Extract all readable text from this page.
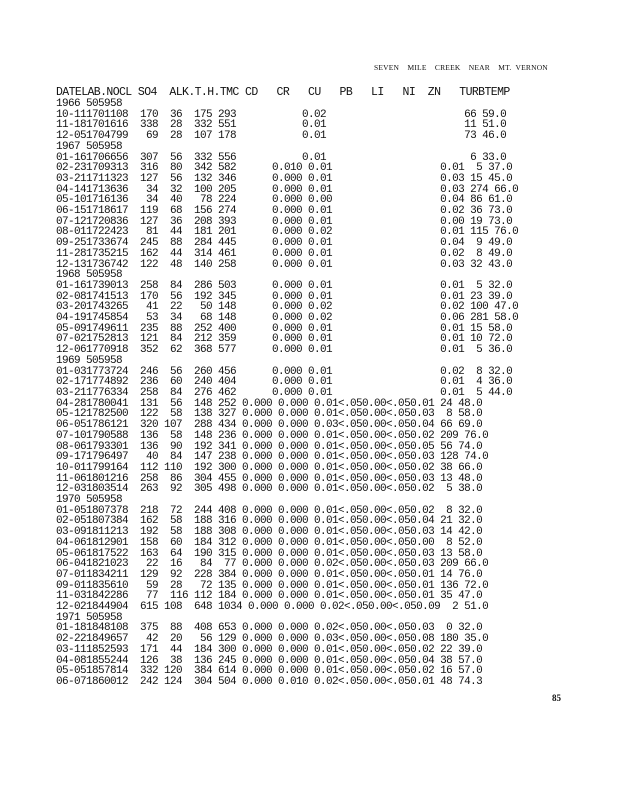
SEVEN    MILE    CREEK    NEAR    MT.  VERNON
DATELAB.NOCL SO4  ALK.T.H.TMC CD   CR   CU   PB   LI   NI  ZN   TURBTEMP
1966 505958
10-111701108  170  36  175 293           0.02                       66 59.0
11-181701616  338  28  332 551           0.01                       11 51.0
12-051704799   69  28  107 178           0.01                       73 46.0
1967 505958
01-161706656  307  56  332 556           0.01                        6 33.0
02-231709313  316  80  342 582      0.010 0.01                  0.01  5 37.0
03-211711323  127  56  132 346      0.000 0.01                  0.03 15 45.0
04-141713636   34  32  100 205      0.000 0.01                  0.03 274 66.0
05-101716136   34  40   78 224      0.000 0.00                  0.04 86 61.0
06-151718617  119  68  156 274      0.000 0.01                  0.02 36 73.0
07-121720836  127  36  208 393      0.000 0.01                  0.00 19 73.0
08-011722423   81  44  181 201      0.000 0.02                  0.01 115 76.0
09-251733674  245  88  284 445      0.000 0.01                  0.04  9 49.0
11-281735215  162  44  314 461      0.000 0.01                  0.02  8 49.0
12-131736742  122  48  140 258      0.000 0.01                  0.03 32 43.0
1968 505958
01-161739013  258  84  286 503      0.000 0.01                  0.01  5 32.0
02-081741513  170  56  192 345      0.000 0.01                  0.01 23 39.0
03-201743265   41  22   50 148      0.000 0.02                  0.02 100 47.0
04-191745854   53  34   68 148      0.000 0.02                  0.06 281 58.0
05-091749611  235  88  252 400      0.000 0.01                  0.01 15 58.0
07-021752813  121  84  212 359      0.000 0.01                  0.01 10 72.0
12-061770918  352  62  368 577      0.000 0.01                  0.01  5 36.0
1969 505958
01-031773724  246  56  260 456      0.000 0.01                  0.02  8 32.0
02-171774892  236  60  240 404      0.000 0.01                  0.01  4 36.0
03-211776334  258  84  276 462      0.000 0.01                  0.01  5 44.0
04-281780041  131  56  148 252 0.000 0.000 0.01<.050.00<.050.01 24 48.0
05-121782500  122  58  138 327 0.000 0.000 0.01<.050.00<.050.03  8 58.0
06-051786121  320 107  288 434 0.000 0.000 0.03<.050.00<.050.04 66 69.0
07-101790588  136  58  148 236 0.000 0.000 0.01<.050.00<.050.02 209 76.0
08-061793301  136  90  192 341 0.000 0.000 0.01<.050.00<.050.05 56 74.0
09-171796497   40  84  147 238 0.000 0.000 0.01<.050.00<.050.03 128 74.0
10-011799164  112 110  192 300 0.000 0.000 0.01<.050.00<.050.02 38 66.0
11-061801216  258  86  304 455 0.000 0.000 0.01<.050.00<.050.03 13 48.0
12-031803514  263  92  305 498 0.000 0.000 0.01<.050.00<.050.02  5 38.0
1970 505958
01-051807378  218  72  244 408 0.000 0.000 0.01<.050.00<.050.02  8 32.0
02-051807384  162  58  188 316 0.000 0.000 0.01<.050.00<.050.04 21 32.0
03-091811213  192  58  188 308 0.000 0.000 0.01<.050.00<.050.03 14 42.0
04-061812901  158  60  184 312 0.000 0.000 0.01<.050.00<.050.00  8 52.0
05-061817522  163  64  190 315 0.000 0.000 0.01<.050.00<.050.03 13 58.0
06-041821023   22  16   84  77 0.000 0.000 0.02<.050.00<.050.03 209 66.0
07-011834211  129  92  228 384 0.000 0.000 0.01<.050.00<.050.01 14 76.0
09-011835610   59  28   72 135 0.000 0.000 0.01<.050.00<.050.01 136 72.0
11-031842286   77  116 112 184 0.000 0.000 0.01<.050.00<.050.01 35 47.0
12-021844904  615 108  648 1034 0.000 0.000 0.02<.050.00<.050.09  2 51.0
1971 505958
01-181848108  375  88  408 653 0.000 0.000 0.02<.050.00<.050.03  0 32.0
02-221849657   42  20   56 129 0.000 0.000 0.03<.050.00<.050.08 180 35.0
03-111852593  171  44  184 300 0.000 0.000 0.01<.050.00<.050.02 22 39.0
04-081855244  126  38  136 245 0.000 0.000 0.01<.050.00<.050.04 38 57.0
05-051857814  332 120  384 614 0.000 0.000 0.01<.050.00<.050.02 16 57.0
06-071860012  242 124  304 504 0.000 0.010 0.02<.050.00<.050.01 48 74.3
85
